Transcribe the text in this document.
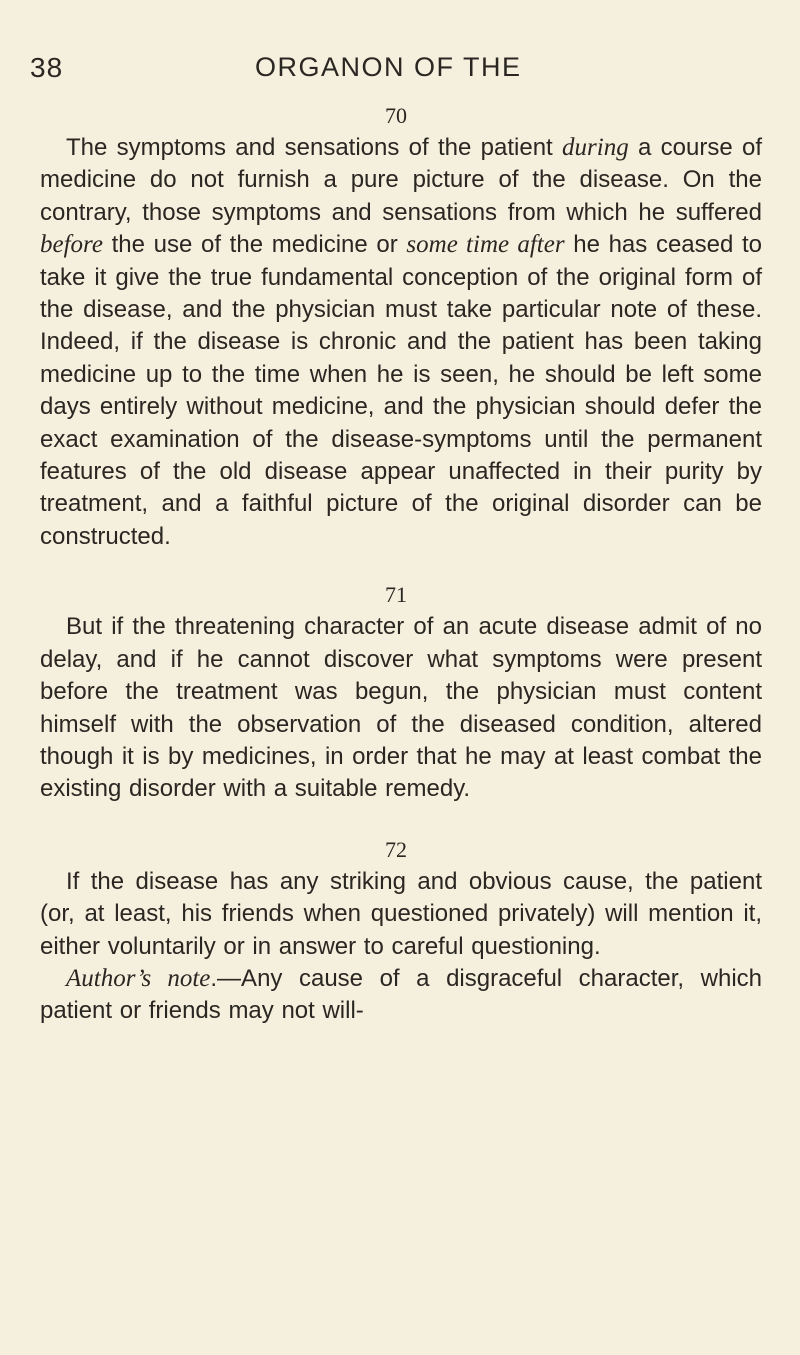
38	ORGANON OF THE
70

The symptoms and sensations of the patient during a course of medicine do not furnish a pure picture of the disease. On the contrary, those symptoms and sensations from which he suffered before the use of the medicine or some time after he has ceased to take it give the true fundamental conception of the original form of the disease, and the physician must take particular note of these. Indeed, if the disease is chronic and the patient has been taking medicine up to the time when he is seen, he should be left some days entirely without medicine, and the physician should defer the exact examination of the disease-symptoms until the permanent features of the old disease appear unaffected in their purity by treatment, and a faithful picture of the original disorder can be constructed.

71

But if the threatening character of an acute disease admit of no delay, and if he cannot discover what symptoms were present before the treatment was begun, the physician must content himself with the observation of the diseased condition, altered though it is by medicines, in order that he may at least combat the existing disorder with a suitable remedy.

72

If the disease has any striking and obvious cause, the patient (or, at least, his friends when questioned privately) will mention it, either voluntarily or in answer to careful questioning.

Author’s note.—Any cause of a disgraceful character, which patient or friends may not will-
